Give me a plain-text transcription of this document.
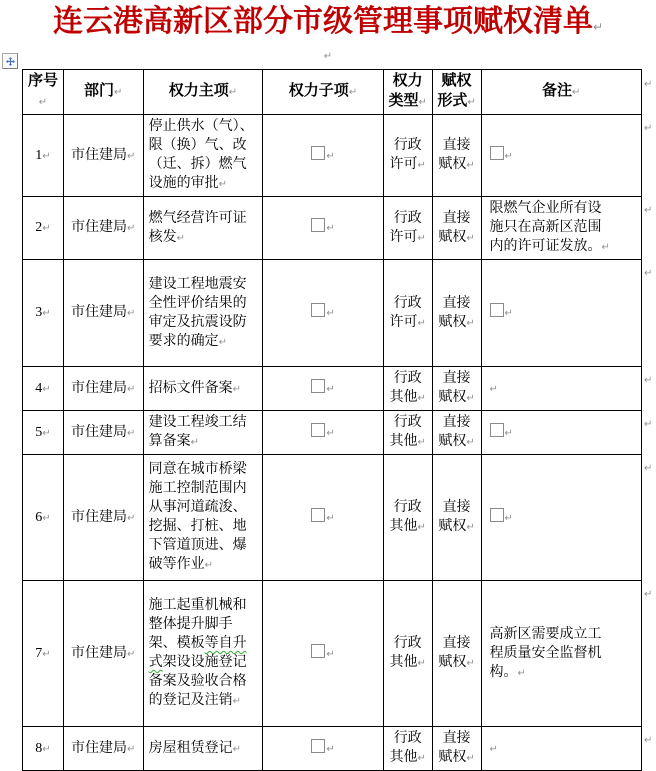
连云港高新区部分市级管理事项赋权清单↵
↵
序号↵	部门↵	权力主项↵	权力子项↵	权力类型↵	赋权形式↵	备注↵	↵
1↵	市住建局↵	停止供水（气）、限（换）气、改（迁、拆）燃气设施的审批↵	↵	行政许可↵	直接赋权↵	↵	↵
2↵	市住建局↵	燃气经营许可证核发↵	↵	行政许可↵	直接赋权↵	限燃气企业所有设施只在高新区范围内的许可证发放。↵	↵
3↵	市住建局↵	建设工程地震安全性评价结果的审定及抗震设防要求的确定↵	↵	行政许可↵	直接赋权↵	↵	↵
4↵	市住建局↵	招标文件备案↵	↵	行政其他↵	直接赋权↵	↵	↵
5↵	市住建局↵	建设工程竣工结算备案↵	↵	行政其他↵	直接赋权↵	↵	↵
6↵	市住建局↵	同意在城市桥梁施工控制范围内从事河道疏浚、挖掘、打桩、地下管道顶进、爆破等作业↵	↵	行政其他↵	直接赋权↵	↵	↵
7↵	市住建局↵	施工起重机械和整体提升脚手架、模板等自升式架设设施登记备案及验收合格的登记及注销↵	↵	行政其他↵	直接赋权↵	高新区需要成立工程质量安全监督机构。↵	↵
8↵	市住建局↵	房屋租赁登记↵	↵	行政其他↵	直接赋权↵	↵	↵
